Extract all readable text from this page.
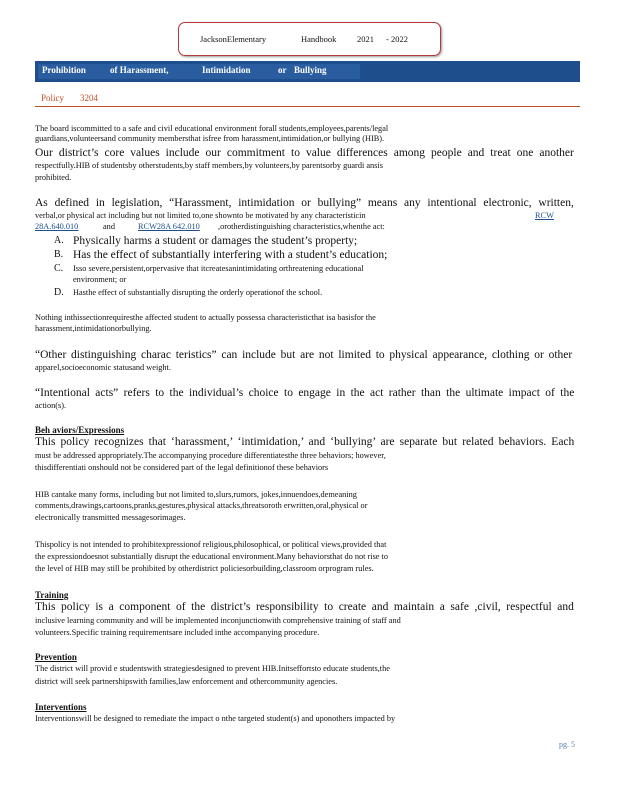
JacksonElementary	Handbook 2021 - 2022
Prohibition	of Harassment,	Intimidation	or Bullying
Policy 3204
The board iscommitted to a safe and civil educational environment forall students,employees,parents/legal
guardians,volunteersand community membersthat isfree from harassment,intimidation,or bullying (HIB).
Our district’s core values include our commitment to value differences among people and treat one another
respectfully.HIB of studentsby otherstudents,by staff members,by volunteers,by parentsorby guardi ansis
prohibited.
As defined in legislation, “Harassment, intimidation or bullying” means any intentional electronic, written,
verbal,or physical act including but not limited to,one shownto be motivated by any characteristicin	RCW
28A.640.010	and	RCW28A 642.010 ,orotherdistinguishing characteristics,whenthe act:
A. Physically harms a student or damages the student’s property;
B. Has the effect of substantially interfering with a student’s education;
C. Isso severe,persistent,orpervasive that itcreatesanintimidating orthreatening educational
environment; or
D. Hasthe effect of substantially disrupting the orderly operationof the school.
Nothing inthissectionrequiresthe affected student to actually possessa characteristicthat isa basisfor the
harassment,intimidationorbullying.
“Other distinguishing charac teristics” can include but are not limited to physical appearance, clothing or other
apparel,socioeconomic statusand weight.
“Intentional acts” refers to the individual’s choice to engage in the act rather than the ultimate impact of the
action(s).
Beh aviors/Expressions
This policy recognizes that ‘harassment,’ ‘intimidation,’ and ‘bullying’ are separate but related behaviors. Each
must be addressed appropriately.The accompanying procedure differentiatesthe three behaviors; however,
thisdifferentiati onshould not be considered part of the legal definitionof these behaviors
HIB cantake many forms, including but not limited to,slurs,rumors, jokes,innuendoes,demeaning
comments,drawings,cartoons,pranks,gestures,physical attacks,threatsoroth erwritten,oral,physical or
electronically transmitted messagesorimages.
Thispolicy is not intended to prohibitexpressionof religious,philosophical, or political views,provided that
the expressiondoesnot substantially disrupt the educational environment.Many behaviorsthat do not rise to
the level of HIB may still be prohibited by otherdistrict policiesorbuilding,classroom orprogram rules.
Training
This policy is a component of the district’s responsibility to create and maintain a safe ,civil, respectful and
inclusive learning community and will be implemented inconjunctionwith comprehensive training of staff and
volunteers.Specific training requirementsare included inthe accompanying procedure.
Prevention
The district will provid e studentswith strategiesdesigned to prevent HIB.Initseffortsto educate students,the
district will seek partnershipswith families,law enforcement and othercommunity agencies.
Interventions
Interventionswill be designed to remediate the impact o nthe targeted student(s) and uponothers impacted by
pg. 5
